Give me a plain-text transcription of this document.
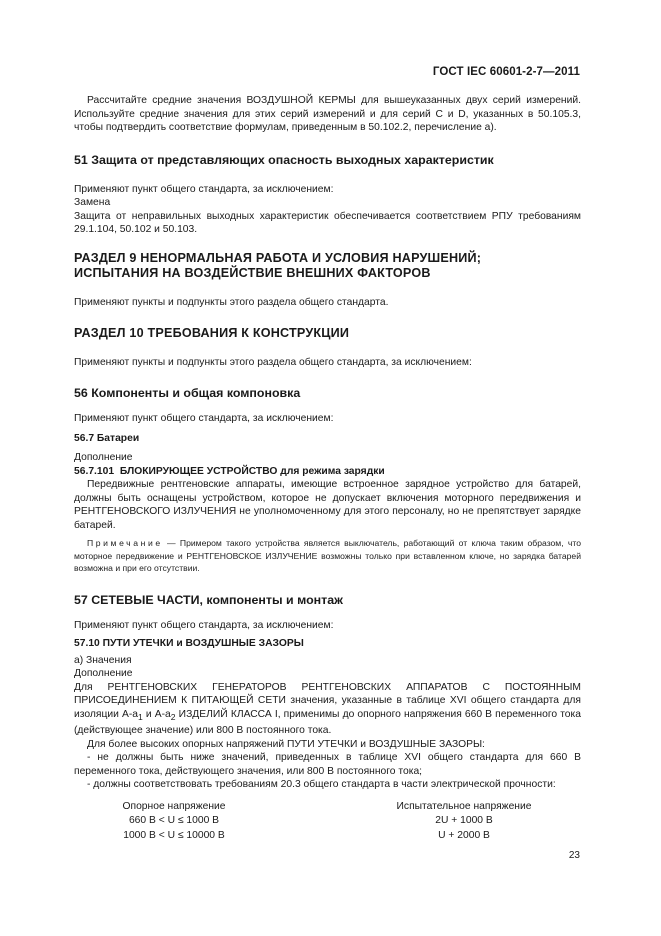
ГОСТ IEC 60601-2-7—2011

Рассчитайте средние значения ВОЗДУШНОЙ КЕРМЫ для вышеуказанных двух серий измерений. Используйте средние значения для этих серий измерений и для серий C и D, указанных в 50.105.3, чтобы подтвердить соответствие формулам, приведенным в 50.102.2, перечисление а).

51 Защита от представляющих опасность выходных характеристик

Применяют пункт общего стандарта, за исключением:

Замена

Защита от неправильных выходных характеристик обеспечивается соответствием РПУ требованиям 29.1.104, 50.102 и 50.103.

РАЗДЕЛ 9 НЕНОРМАЛЬНАЯ РАБОТА И УСЛОВИЯ НАРУШЕНИЙ;

ИСПЫТАНИЯ НА ВОЗДЕЙСТВИЕ ВНЕШНИХ ФАКТОРОВ

Применяют пункты и подпункты этого раздела общего стандарта.

РАЗДЕЛ 10 ТРЕБОВАНИЯ К КОНСТРУКЦИИ

Применяют пункты и подпункты этого раздела общего стандарта, за исключением:

56 Компоненты и общая компоновка

Применяют пункт общего стандарта, за исключением:

56.7 Батареи

Дополнение

56.7.101 БЛОКИРУЮЩЕЕ УСТРОЙСТВО для режима зарядки

Передвижные рентгеновские аппараты, имеющие встроенное зарядное устройство для батарей, должны быть оснащены устройством, которое не допускает включения моторного передвижения и РЕНТГЕНОВСКОГО ИЗЛУЧЕНИЯ не уполномоченному для этого персоналу, но не препятствует зарядке батарей.

Примечание — Примером такого устройства является выключатель, работающий от ключа таким образом, что моторное передвижение и РЕНТГЕНОВСКОЕ ИЗЛУЧЕНИЕ возможны только при вставленном ключе, но зарядка батарей возможна и при его отсутствии.

57 СЕТЕВЫЕ ЧАСТИ, компоненты и монтаж

Применяют пункт общего стандарта, за исключением:

57.10 ПУТИ УТЕЧКИ и ВОЗДУШНЫЕ ЗАЗОРЫ

а) Значения

Дополнение

Для РЕНТГЕНОВСКИХ ГЕНЕРАТОРОВ РЕНТГЕНОВСКИХ АППАРАТОВ С ПОСТОЯННЫМ ПРИСОЕДИНЕНИЕМ К ПИТАЮЩЕЙ СЕТИ значения, указанные в таблице XVI общего стандарта для изоляции $А-а_1$ и $А-а_2$ ИЗДЕЛИЙ КЛАССА I, применимы до опорного напряжения 660 В переменного тока (действующее значение) или 800 В постоянного тока.

Для более высоких опорных напряжений ПУТИ УТЕЧКИ и ВОЗДУШНЫЕ ЗАЗОРЫ:

- не должны быть ниже значений, приведенных в таблице XVI общего стандарта для 660 В переменного тока, действующего значения, или 800 В постоянного тока;

- должны соответствовать требованиям 20.3 общего стандарта в части электрической прочности:

Опорное напряжение
660 В < U ≤ 1000 В
1000 В < U ≤ 10000 В
Испытательное напряжение
2U + 1000 В
U + 2000 В
23
